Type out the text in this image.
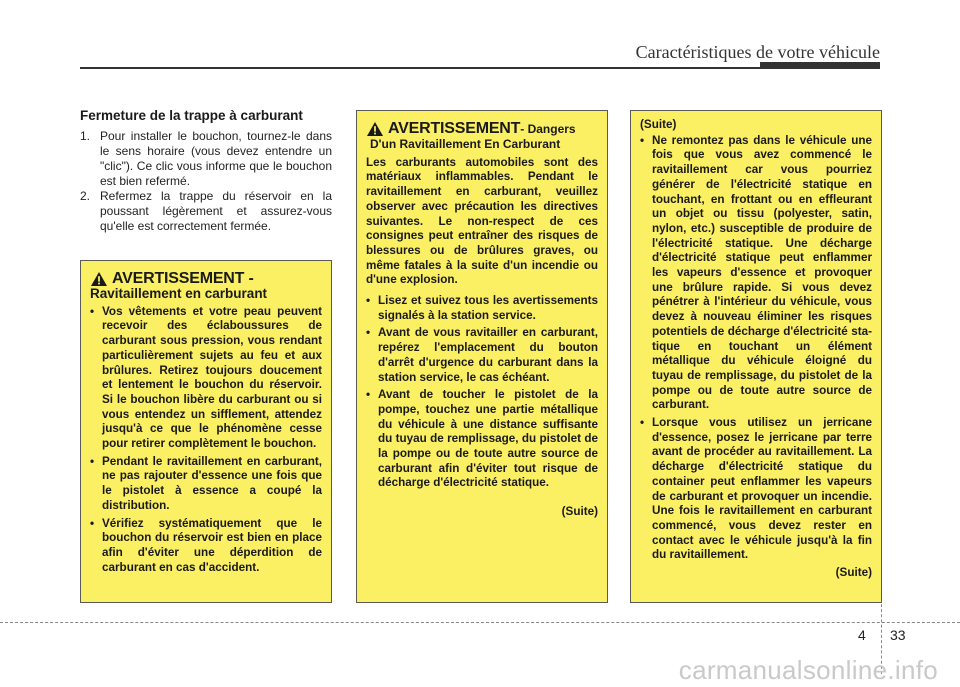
Caractéristiques de votre véhicule
Fermeture de la trappe à carburant
1. Pour installer le bouchon, tournez-le dans le sens horaire (vous devez entendre un "clic"). Ce clic vous informe que le bouchon est bien refermé.
2. Refermez la trappe du réservoir en la poussant légèrement et assurez-vous qu'elle est correctement fermée.
AVERTISSEMENT -
Ravitaillement en carburant
• Vos vêtements et votre peau peuvent recevoir des éclaboussures de carburant sous pression, vous rendant particulièrement sujets au feu et aux brûlures. Retirez toujours doucement et lentement le bouchon du réservoir. Si le bouchon libère du carburant ou si vous entendez un sifflement, attendez jusqu'à ce que le phénomène cesse pour retirer complètement le bouchon.
• Pendant le ravitaillement en carburant, ne pas rajouter d'essence une fois que le pistolet à essence a coupé la distribution.
• Vérifiez systématiquement que le bouchon du réservoir est bien en place afin d'éviter une déperdition de carburant en cas d'accident.
AVERTISSEMENT - Dangers
D'un Ravitaillement En Carburant

Les carburants automobiles sont des matériaux inflammables. Pendant le ravitaillement en carburant, veuillez observer avec précaution les directives suivantes. Le non-respect de ces consignes peut entraîner des risques de blessures ou de brûlures graves, ou même fatales à la suite d'un incendie ou d'une explosion.

• Lisez et suivez tous les avertissements signalés à la station service.
• Avant de vous ravitailler en carburant, repérez l'emplacement du bouton d'arrêt d'urgence du carburant dans la station service, le cas échéant.
• Avant de toucher le pistolet de la pompe, touchez une partie métallique du véhicule à une distance suffisante du tuyau de remplissage, du pistolet de la pompe ou de toute autre source de carburant afin d'éviter tout risque de décharge d'électricité statique.
(Suite)
(Suite)
• Ne remontez pas dans le véhicule une fois que vous avez commencé le ravitaillement car vous pourriez générer de l'électricité statique en touchant, en frottant ou en effleurant un objet ou tissu (polyester, satin, nylon, etc.) susceptible de produire de l'électricité statique. Une décharge d'électricité statique peut enflammer les vapeurs d'essence et provoquer une brûlure rapide. Si vous devez pénétrer à l'intérieur du véhicule, vous devez à nouveau éliminer les risques potentiels de décharge d'électricité statique en touchant un élément métallique du véhicule éloigné du tuyau de remplissage, du pistolet de la pompe ou de toute autre source de carburant.
• Lorsque vous utilisez un jerricane d'essence, posez le jerricane par terre avant de procéder au ravitaillement. La décharge d'électricité statique du container peut enflammer les vapeurs de carburant et provoquer un incendie. Une fois le ravitaillement en carburant commencé, vous devez rester en contact avec le véhicule jusqu'à la fin du ravitaillement.
(Suite)
4 33
carmanualsonline.info
